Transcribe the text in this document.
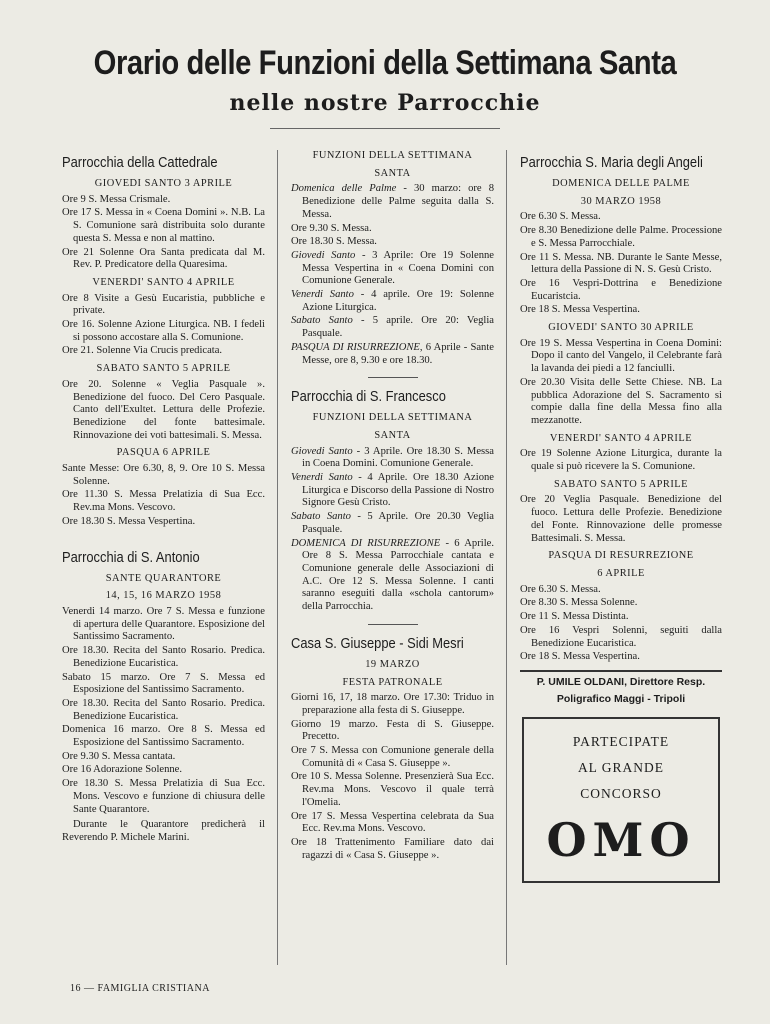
Orario delle Funzioni della Settimana Santa
nelle nostre Parrocchie
Parrocchia della Cattedrale
GIOVEDI SANTO 3 APRILE
Ore 9 S. Messa Crismale.
Ore 17 S. Messa in « Coena Domini ». N.B. La S. Comunione sarà distribuita solo durante questa S. Messa e non al mattino.
Ore 21 Solenne Ora Santa predicata dal M. Rev. P. Predicatore della Quaresima.
VENERDI' SANTO 4 APRILE
Ore 8 Visite a Gesù Eucaristia, pubbliche e private.
Ore 16. Solenne Azione Liturgica. NB. I fedeli si possono accostare alla S. Comunione.
Ore 21. Solenne Via Crucis predicata.
SABATO SANTO 5 APRILE
Ore 20. Solenne « Veglia Pasquale ». Benedizione del fuoco. Del Cero Pasquale. Canto dell'Exultet. Lettura delle Profezie. Benedizione del fonte battesimale. Rinnovazione dei voti battesimali. S. Messa.
PASQUA 6 APRILE
Sante Messe: Ore 6.30, 8, 9. Ore 10 S. Messa Solenne.
Ore 11.30 S. Messa Prelatizia di Sua Ecc. Rev.ma Mons. Vescovo.
Ore 18.30 S. Messa Vespertina.
Parrocchia di S. Antonio
SANTE QUARANTORE
14, 15, 16 MARZO 1958
Venerdi 14 marzo. Ore 7 S. Messa e funzione di apertura delle Quarantore. Esposizione del Santissimo Sacramento.
Ore 18.30. Recita del Santo Rosario. Predica. Benedizione Eucaristica.
Sabato 15 marzo. Ore 7 S. Messa ed Esposizione del Santissimo Sacramento.
Ore 18.30. Recita del Santo Rosario. Predica. Benedizione Eucaristica.
Domenica 16 marzo. Ore 8 S. Messa ed Esposizione del Santissimo Sacramento.
Ore 9.30 S. Messa cantata.
Ore 16 Adorazione Solenne.
Ore 18.30 S. Messa Prelatizia di Sua Ecc. Mons. Vescovo e funzione di chiusura delle Sante Quarantore.
Durante le Quarantore predicherà il Reverendo P. Michele Marini.
FUNZIONI DELLA SETTIMANA
SANTA
Domenica delle Palme - 30 marzo: ore 8 Benedizione delle Palme seguita dalla S. Messa.
Ore 9.30 S. Messa.
Ore 18.30 S. Messa.
Giovedi Santo - 3 Aprile: Ore 19 Solenne Messa Vespertina in « Coena Domini con Comunione Generale.
Venerdi Santo - 4 aprile. Ore 19: Solenne Azione Liturgica.
Sabato Santo - 5 aprile. Ore 20: Veglia Pasquale.
PASQUA DI RISURREZIONE, 6 Aprile - Sante Messe, ore 8, 9.30 e ore 18.30.
Parrocchia di S. Francesco
FUNZIONI DELLA SETTIMANA
SANTA
Giovedi Santo - 3 Aprile. Ore 18.30 S. Messa in Coena Domini. Comunione Generale.
Venerdi Santo - 4 Aprile. Ore 18.30 Azione Liturgica e Discorso della Passione di Nostro Signore Gesù Cristo.
Sabato Santo - 5 Aprile. Ore 20.30 Veglia Pasquale.
DOMENICA DI RISURREZIONE - 6 Aprile. Ore 8 S. Messa Parrocchiale cantata e Comunione generale delle Associazioni di A.C. Ore 12 S. Messa Solenne. I canti saranno eseguiti dalla «schola cantorum» della Parrocchia.
Casa S. Giuseppe - Sidi Mesri
19 MARZO
FESTA PATRONALE
Giorni 16, 17, 18 marzo. Ore 17.30: Triduo in preparazione alla festa di S. Giuseppe.
Giorno 19 marzo. Festa di S. Giuseppe. Precetto.
Ore 7 S. Messa con Comunione generale della Comunità di « Casa S. Giuseppe ».
Ore 10 S. Messa Solenne. Presenzierà Sua Ecc. Rev.ma Mons. Vescovo il quale terrà l'Omelia.
Ore 17 S. Messa Vespertina celebrata da Sua Ecc. Rev.ma Mons. Vescovo.
Ore 18 Trattenimento Familiare dato dai ragazzi di « Casa S. Giuseppe ».
Parrocchia S. Maria degli Angeli
DOMENICA DELLE PALME
30 MARZO 1958
Ore 6.30 S. Messa.
Ore 8.30 Benedizione delle Palme. Processione e S. Messa Parrocchiale.
Ore 11 S. Messa. NB. Durante le Sante Messe, lettura della Passione di N. S. Gesù Cristo.
Ore 16 Vespri-Dottrina e Benedizione Eucaristcia.
Ore 18 S. Messa Vespertina.
GIOVEDI' SANTO 30 APRILE
Ore 19 S. Messa Vespertina in Coena Domini: Dopo il canto del Vangelo, il Celebrante farà la lavanda dei piedi a 12 fanciulli.
Ore 20.30 Visita delle Sette Chiese. NB. La pubblica Adorazione del S. Sacramento si compie dalla fine della Messa fino alla mezzanotte.
VENERDI' SANTO 4 APRILE
Ore 19 Solenne Azione Liturgica, durante la quale si può ricevere la S. Comunione.
SABATO SANTO 5 APRILE
Ore 20 Veglia Pasquale. Benedizione del fuoco. Lettura delle Profezie. Benedizione del Fonte. Rinnovazione delle promesse Battesimali. S. Messa.
PASQUA DI RESURREZIONE
6 APRILE
Ore 6.30 S. Messa.
Ore 8.30 S. Messa Solenne.
Ore 11 S. Messa Distinta.
Ore 16 Vespri Solenni, seguiti dalla Benedizione Eucaristica.
Ore 18 S. Messa Vespertina.
P. UMILE OLDANI, Direttore Resp.
Poligrafico Maggi - Tripoli
PARTECIPATE
AL GRANDE
CONCORSO
OMO
16 — FAMIGLIA CRISTIANA
